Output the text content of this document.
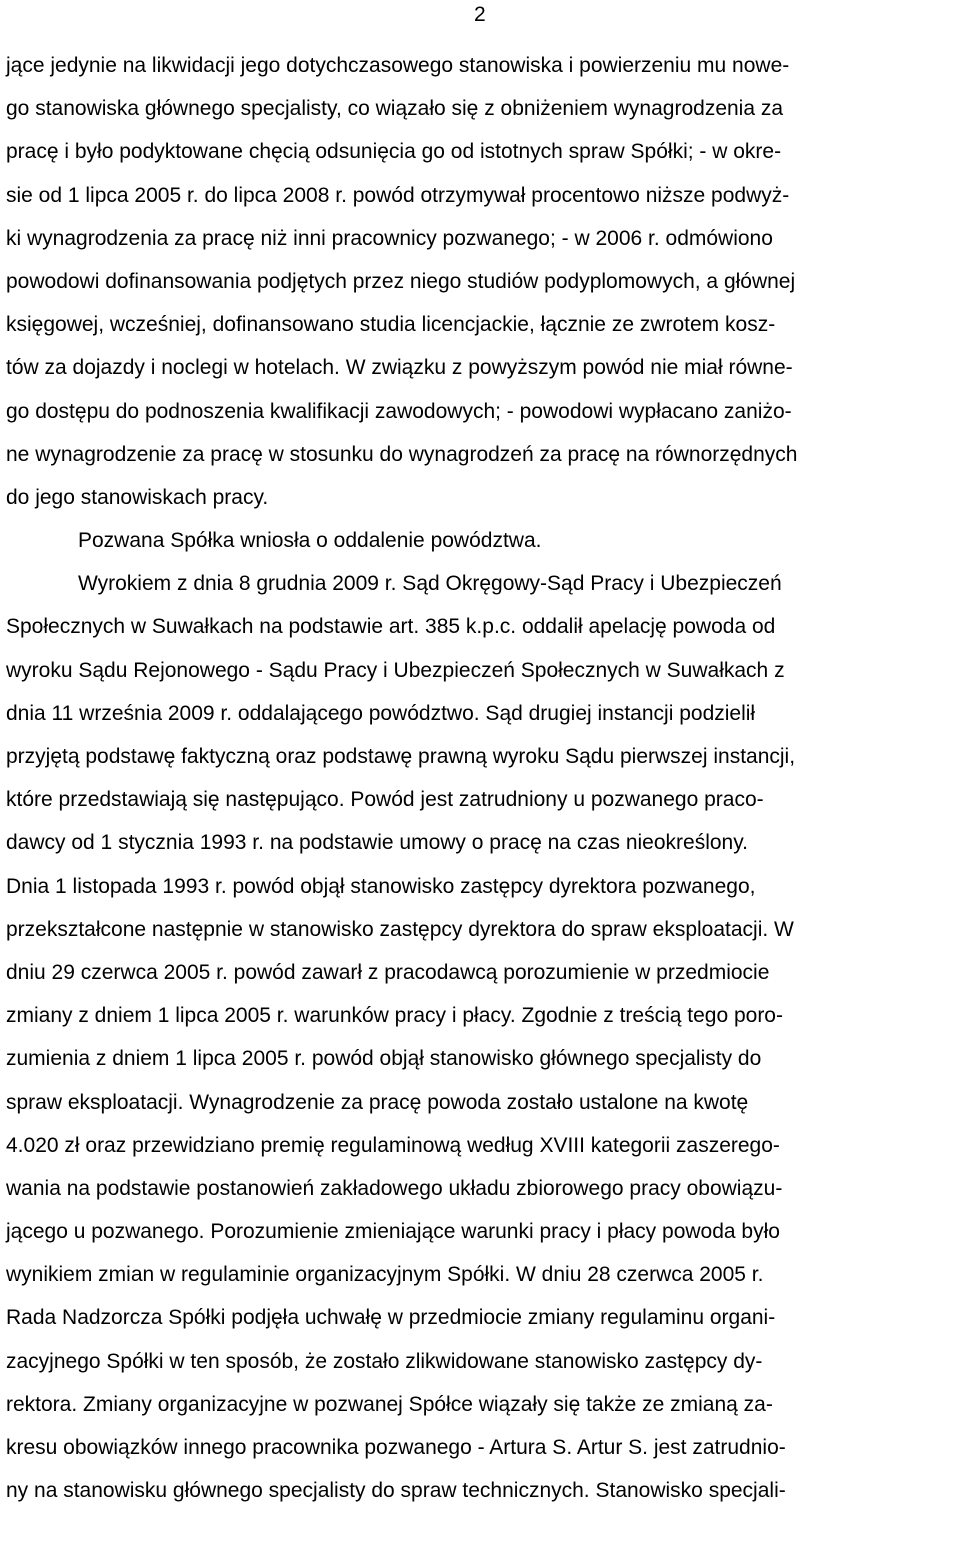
2
jące jedynie na likwidacji jego dotychczasowego stanowiska i powierzeniu mu nowe-
go stanowiska głównego specjalisty, co wiązało się z obniżeniem wynagrodzenia za
pracę i było podyktowane chęcią odsunięcia go od istotnych spraw Spółki; - w okre-
sie od 1 lipca 2005 r. do lipca 2008 r. powód otrzymywał procentowo niższe podwyż-
ki wynagrodzenia za pracę niż inni pracownicy pozwanego; - w 2006 r. odmówiono
powodowi dofinansowania podjętych przez niego studiów podyplomowych, a głównej
księgowej, wcześniej, dofinansowano studia licencjackie, łącznie ze zwrotem kosz-
tów za dojazdy i noclegi w hotelach. W związku z powyższym powód nie miał równe-
go dostępu do podnoszenia kwalifikacji zawodowych; - powodowi wypłacano zaniżo-
ne wynagrodzenie za pracę w stosunku do wynagrodzeń za pracę na równorzędnych
do jego stanowiskach pracy.
Pozwana Spółka wniosła o oddalenie powództwa.
Wyrokiem z dnia 8 grudnia 2009 r. Sąd Okręgowy-Sąd Pracy i Ubezpieczeń
Społecznych w Suwałkach na podstawie art. 385 k.p.c. oddalił apelację powoda od
wyroku Sądu Rejonowego - Sądu Pracy i Ubezpieczeń Społecznych w Suwałkach z
dnia 11 września 2009 r. oddalającego powództwo. Sąd drugiej instancji podzielił
przyjętą podstawę faktyczną oraz podstawę prawną wyroku Sądu pierwszej instancji,
które przedstawiają się następująco. Powód jest zatrudniony u pozwanego praco-
dawcy od 1 stycznia 1993 r. na podstawie umowy o pracę na czas nieokreślony.
Dnia 1 listopada 1993 r. powód objął stanowisko zastępcy dyrektora pozwanego,
przekształcone następnie w stanowisko zastępcy dyrektora do spraw eksploatacji. W
dniu 29 czerwca 2005 r. powód zawarł z pracodawcą porozumienie w przedmiocie
zmiany z dniem 1 lipca 2005 r. warunków pracy i płacy. Zgodnie z treścią tego poro-
zumienia z dniem 1 lipca 2005 r. powód objął stanowisko głównego specjalisty do
spraw eksploatacji. Wynagrodzenie za pracę powoda zostało ustalone na kwotę
4.020 zł oraz przewidziano premię regulaminową według XVIII kategorii zaszerego-
wania na podstawie postanowień zakładowego układu zbiorowego pracy obowiązu-
jącego u pozwanego. Porozumienie zmieniające warunki pracy i płacy powoda było
wynikiem zmian w regulaminie organizacyjnym Spółki. W dniu 28 czerwca 2005 r.
Rada Nadzorcza Spółki podjęła uchwałę w przedmiocie zmiany regulaminu organi-
zacyjnego Spółki w ten sposób, że zostało zlikwidowane stanowisko zastępcy dy-
rektora. Zmiany organizacyjne w pozwanej Spółce wiązały się także ze zmianą za-
kresu obowiązków innego pracownika pozwanego - Artura S. Artur S. jest zatrudnio-
ny na stanowisku głównego specjalisty do spraw technicznych. Stanowisko specjali-
